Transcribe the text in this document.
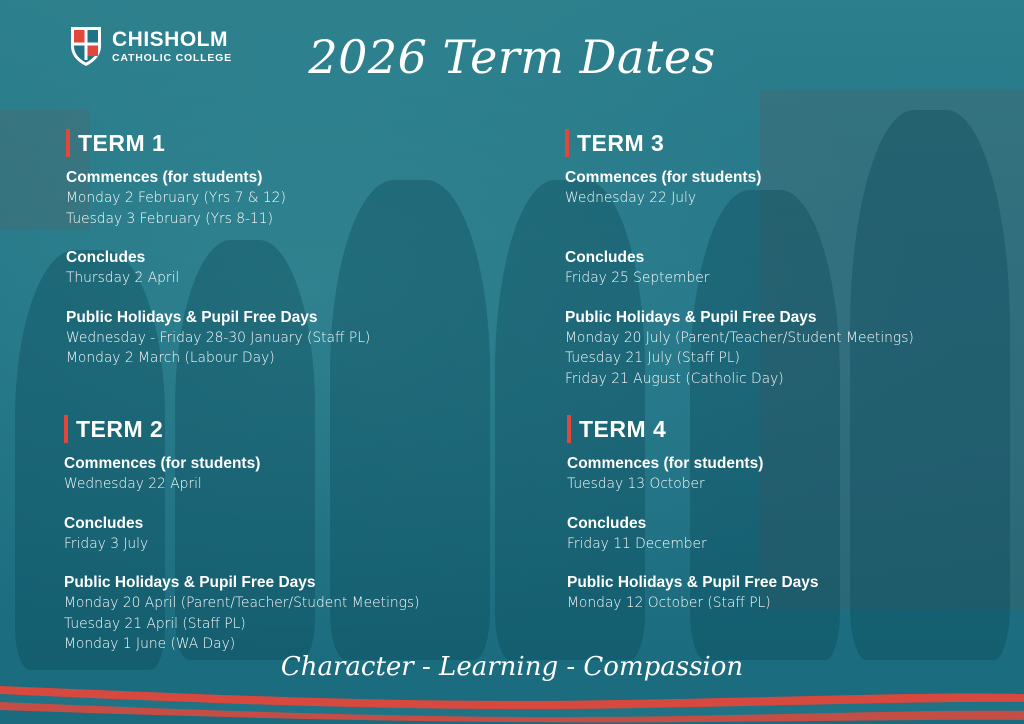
CHISHOLM
CATHOLIC COLLEGE	2026 Term Dates
TERM 1
Commences (for students)
Monday 2 February (Yrs 7 & 12)
Tuesday 3 February (Yrs 8-11)
Concludes
Thursday 2 April
Public Holidays & Pupil Free Days
Wednesday - Friday 28-30 January (Staff PL)
Monday 2 March (Labour Day)
TERM 2
Commences (for students)
Wednesday 22 April
Concludes
Friday 3 July
Public Holidays & Pupil Free Days
Monday 20 April (Parent/Teacher/Student Meetings)
Tuesday 21 April (Staff PL)
Monday 1 June (WA Day)
TERM 3
Commences (for students)
Wednesday 22 July

Concludes
Friday 25 September
Public Holidays & Pupil Free Days
Monday 20 July (Parent/Teacher/Student Meetings)
Tuesday 21 July (Staff PL)
Friday 21 August (Catholic Day)
TERM 4
Commences (for students)
Tuesday 13 October
Concludes
Friday 11 December
Public Holidays & Pupil Free Days
Monday 12 October (Staff PL)
Character - Learning - Compassion
